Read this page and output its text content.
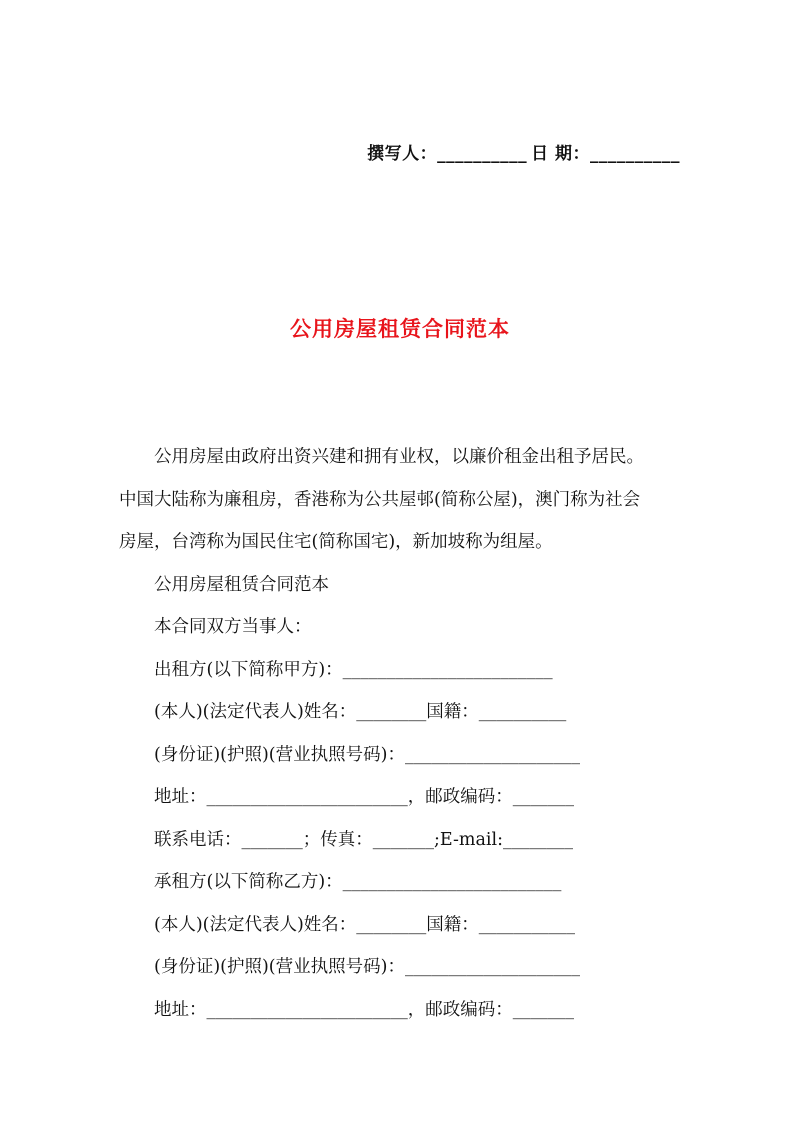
撰写人：__________ 日 期：__________
公用房屋租赁合同范本
公用房屋由政府出资兴建和拥有业权，以廉价租金出租予居民。
中国大陆称为廉租房，香港称为公共屋邨(简称公屋)，澳门称为社会
房屋，台湾称为国民住宅(简称国宅)，新加坡称为组屋。

公用房屋租赁合同范本

本合同双方当事人：

出租方(以下简称甲方)：________________________

(本人)(法定代表人)姓名：________国籍：__________

(身份证)(护照)(营业执照号码)：____________________

地址：_______________________，邮政编码：_______

联系电话：_______；传真：_______;E-mail:________

承租方(以下简称乙方)：_________________________

(本人)(法定代表人)姓名：________国籍：___________

(身份证)(护照)(营业执照号码)：____________________

地址：_______________________，邮政编码：_______
